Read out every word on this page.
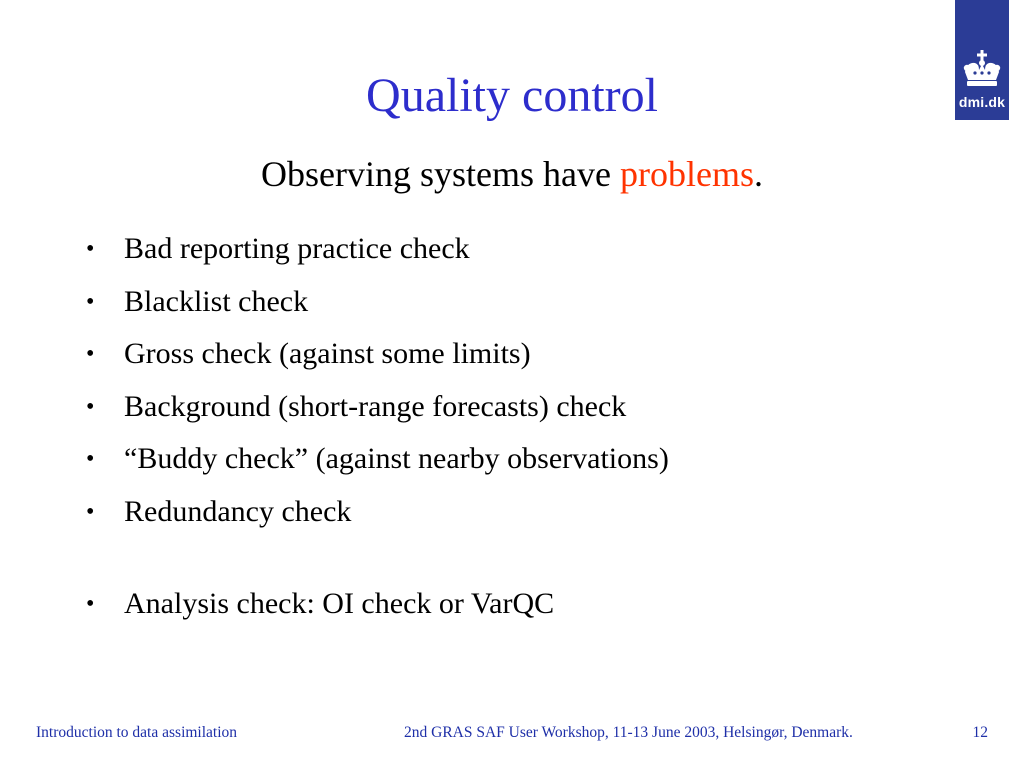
dmi.dk
Quality control
Observing systems have problems.
• Bad reporting practice check
• Blacklist check
• Gross check (against some limits)
• Background (short-range forecasts) check
• “Buddy check” (against nearby observations)
• Redundancy check
• Analysis check: OI check or VarQC
Introduction to data assimilation	2nd GRAS SAF User Workshop, 11-13 June 2003, Helsingør, Denmark.	12
